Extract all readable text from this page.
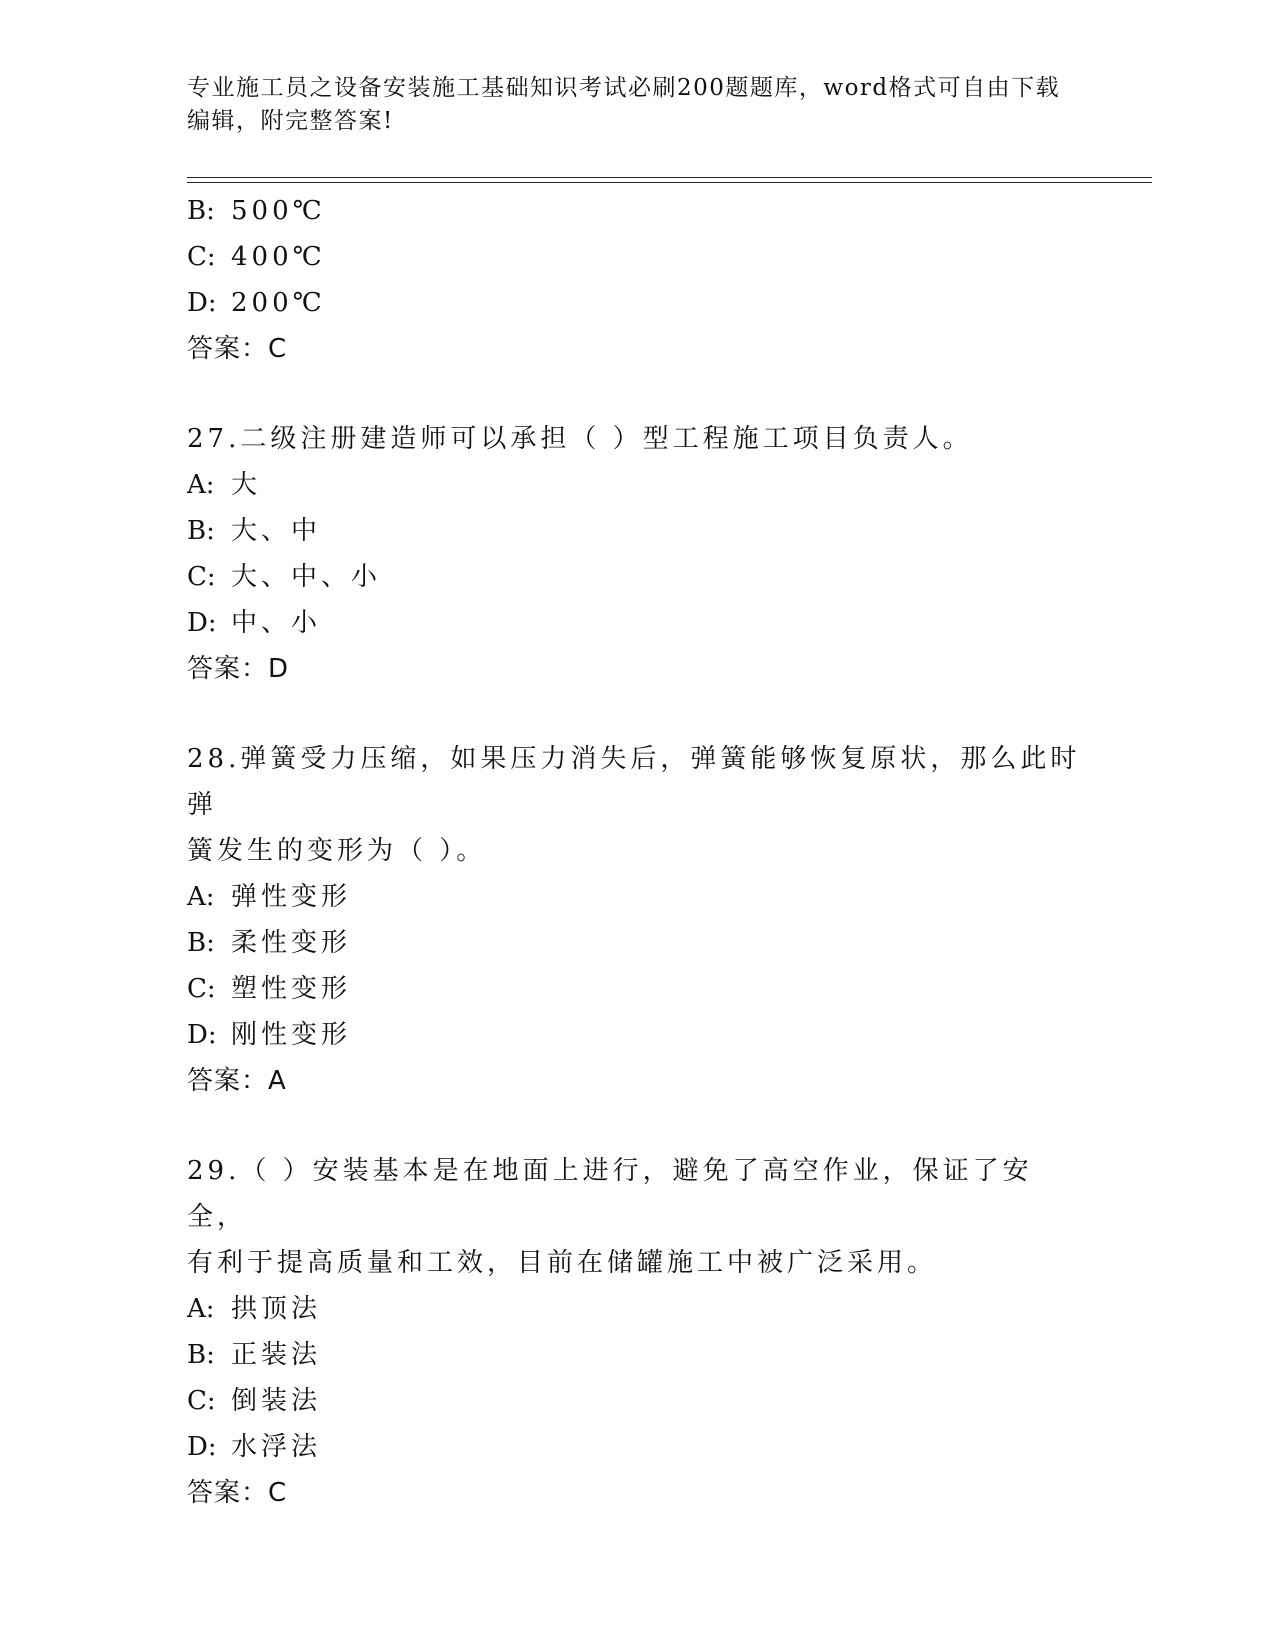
专业施工员之设备安装施工基础知识考试必刷200题题库，word格式可自由下载
编辑，附完整答案!
B: 500℃
C: 400℃
D: 200℃
答案：C
27.二级注册建造师可以承担（ ）型工程施工项目负责人。
A: 大
B: 大、中
C: 大、中、小
D: 中、小
答案：D
28.弹簧受力压缩，如果压力消失后，弹簧能够恢复原状，那么此时弹
簧发生的变形为（ ）。
A: 弹性变形
B: 柔性变形
C: 塑性变形
D: 刚性变形
答案：A
29.（ ）安装基本是在地面上进行，避免了高空作业，保证了安全，
有利于提高质量和工效，目前在储罐施工中被广泛采用。
A: 拱顶法
B: 正装法
C: 倒装法
D: 水浮法
答案：C
